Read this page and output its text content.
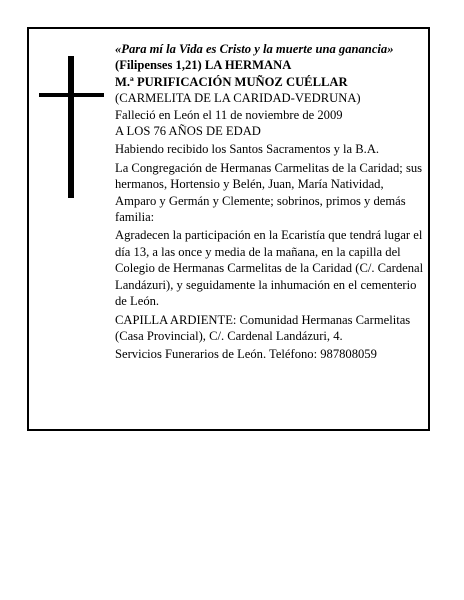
«Para mí la Vida es Cristo y la muerte una ganancia»

(Filipenses 1,21) LA HERMANA

M.ª PURIFICACIÓN MUÑOZ CUÉLLAR

(CARMELITA DE LA CARIDAD-VEDRUNA)

Falleció en León el 11 de noviembre de 2009

A LOS 76 AÑOS DE EDAD

Habiendo recibido los Santos Sacramentos y la B.A.

La Congregación de Hermanas Carmelitas de la Caridad; sus hermanos, Hortensio y Belén, Juan, María Natividad, Amparo y Germán y Clemente; sobrinos, primos y demás familia:

Agradecen la participación en la Ecaristía que tendrá lugar el día 13, a las once y media de la mañana, en la capilla del Colegio de Hermanas Carmelitas de la Caridad (C/. Cardenal Landázuri), y seguidamente la inhumación en el cementerio de León.

CAPILLA ARDIENTE: Comunidad Hermanas Carmelitas (Casa Provincial), C/. Cardenal Landázuri, 4.

Servicios Funerarios de León. Teléfono: 987808059
